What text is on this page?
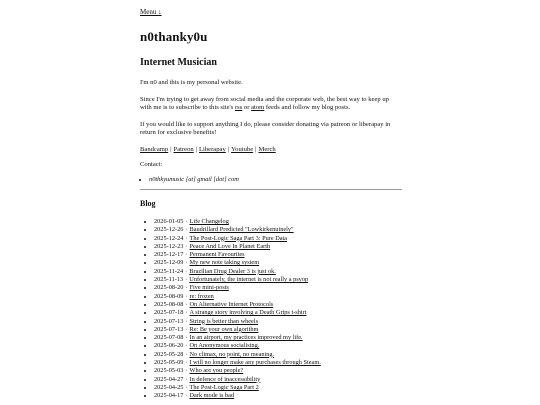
Menu ↓
n0thanky0u
Internet Musician

I'm n0 and this is my personal website.

Since I'm trying to get away from social media and the corporate web, the best way to keep up with me is to subscribe to this site's rss or atom feeds and follow my blog posts.

If you would like to support anything I do, please consider donating via patreon or liberapay in return for exclusive benefits!

Bandcamp | Patreon | Liberapay | Youtube | Merch
Contact:
• n0thkyumusic [at] gmail [dot] com
Blog
• 2026-01-05 · Life Changelog
• 2025-12-26 · Baudrillard Predicted "Lowkirkenuinely"
• 2025-12-24 · The Post-Logic Saga Part 3: Pure Data
• 2025-12-23 · Peace And Love In Planet Earth
• 2025-12-17 · Permanent Favourites
• 2025-12-09 · My new note taking system
• 2025-11-24 · Brazilian Drug Dealer 3 is just ok.
• 2025-11-13 · Unfortunately, the internet is not really a psyop
• 2025-08-20 · Five mini-posts
• 2025-08-09 · re: frozen
• 2025-08-08 · On Alternative Internet Protocols
• 2025-07-18 · A strange story involving a Death Grips t-shirt
• 2025-07-13 · String is better than wheels
• 2025-07-13 · Re: Be your own algorithm
• 2025-07-08 · In an airport, my practices improved my life.
• 2025-06-20 · On Anonymous socialising.
• 2025-05-28 · No climax, no point, no meaning.
• 2025-05-09 · I will no longer make any purchases through Steam.
• 2025-05-03 · Who are you people?
• 2025-04-27 · In defence of inaccessibility
• 2025-04-25 · The Post-Logic Saga Part 2
• 2025-04-17 · Dark mode is bad
